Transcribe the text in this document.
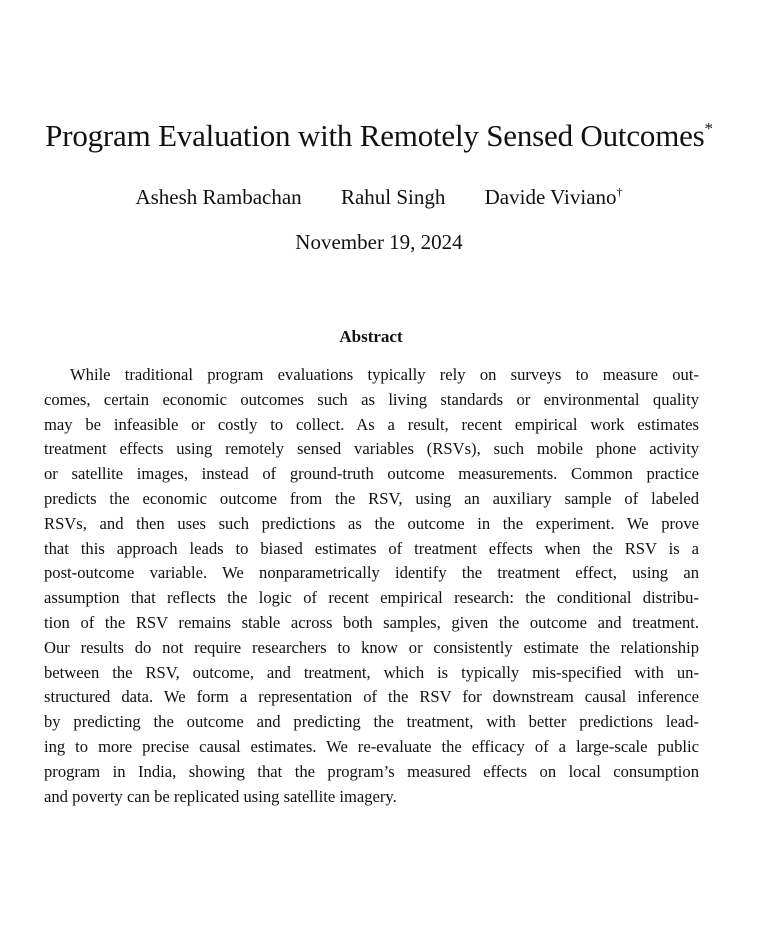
Program Evaluation with Remotely Sensed Outcomes*
Ashesh Rambachan Rahul Singh Davide Viviano†
November 19, 2024
Abstract
While traditional program evaluations typically rely on surveys to measure out-
comes, certain economic outcomes such as living standards or environmental quality
may be infeasible or costly to collect. As a result, recent empirical work estimates
treatment effects using remotely sensed variables (RSVs), such mobile phone activity
or satellite images, instead of ground-truth outcome measurements. Common practice
predicts the economic outcome from the RSV, using an auxiliary sample of labeled
RSVs, and then uses such predictions as the outcome in the experiment. We prove
that this approach leads to biased estimates of treatment effects when the RSV is a
post-outcome variable. We nonparametrically identify the treatment effect, using an
assumption that reflects the logic of recent empirical research: the conditional distribu-
tion of the RSV remains stable across both samples, given the outcome and treatment.
Our results do not require researchers to know or consistently estimate the relationship
between the RSV, outcome, and treatment, which is typically mis-specified with un-
structured data. We form a representation of the RSV for downstream causal inference
by predicting the outcome and predicting the treatment, with better predictions lead-
ing to more precise causal estimates. We re-evaluate the efficacy of a large-scale public
program in India, showing that the program’s measured effects on local consumption
and poverty can be replicated using satellite imagery.
